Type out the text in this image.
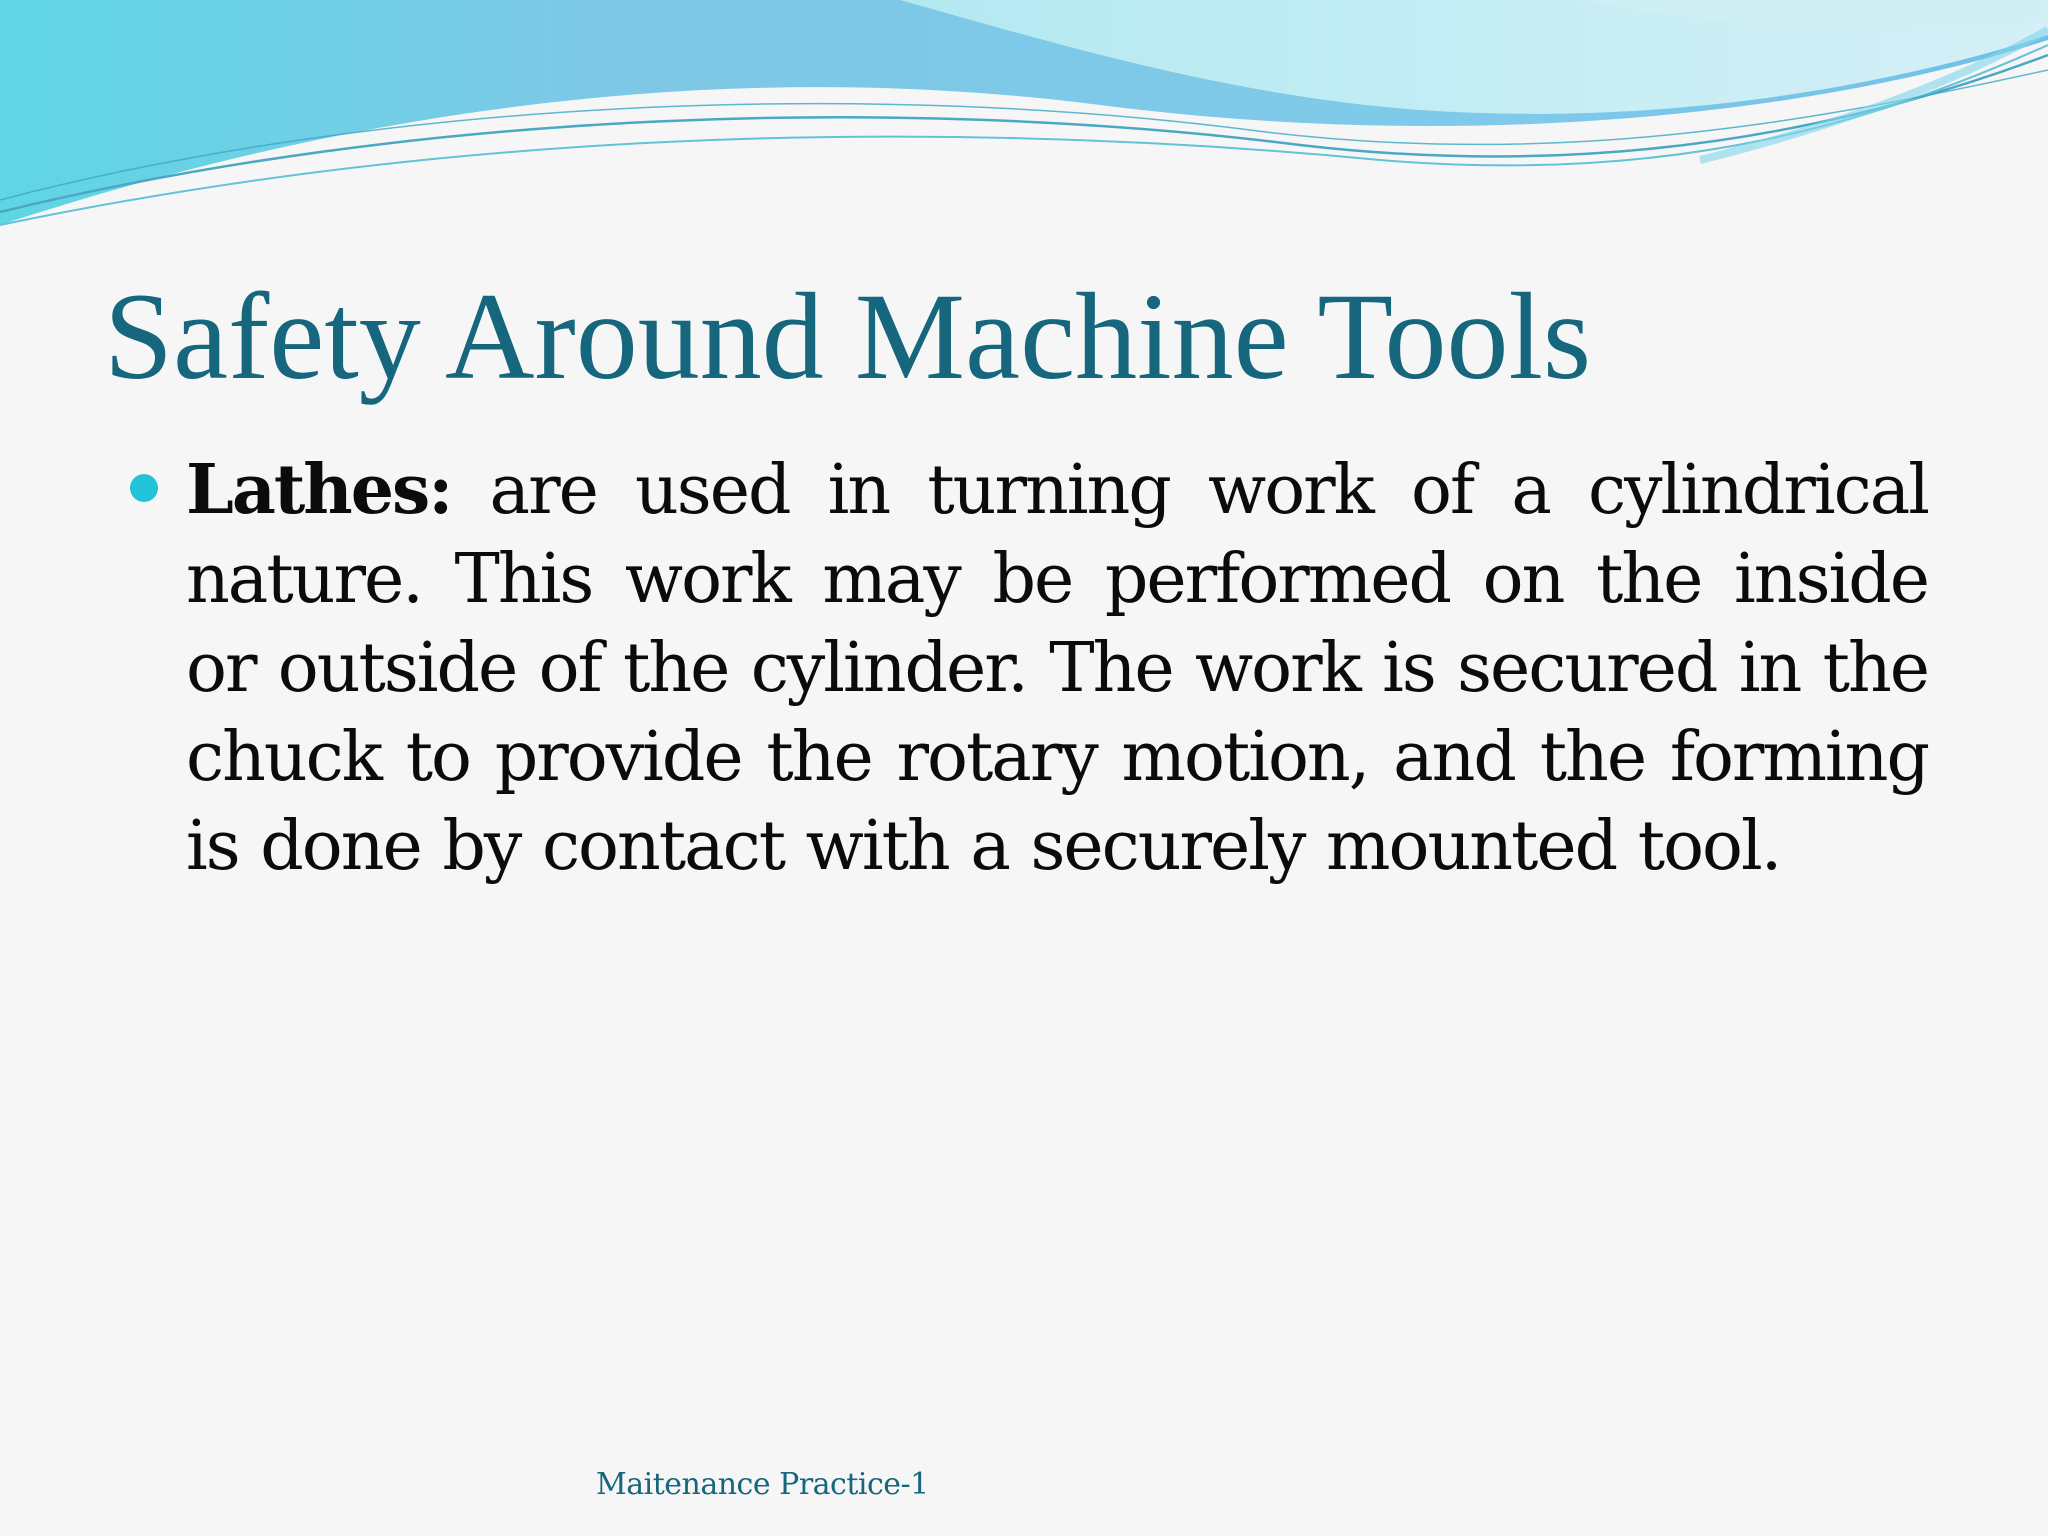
Safety Around Machine Tools

Lathes: are used in turning work of a cylindrical nature. This work may be performed on the inside or outside of the cylinder. The work is secured in the chuck to provide the rotary motion, and the forming is done by contact with a securely mounted tool.

Maitenance Practice-1
